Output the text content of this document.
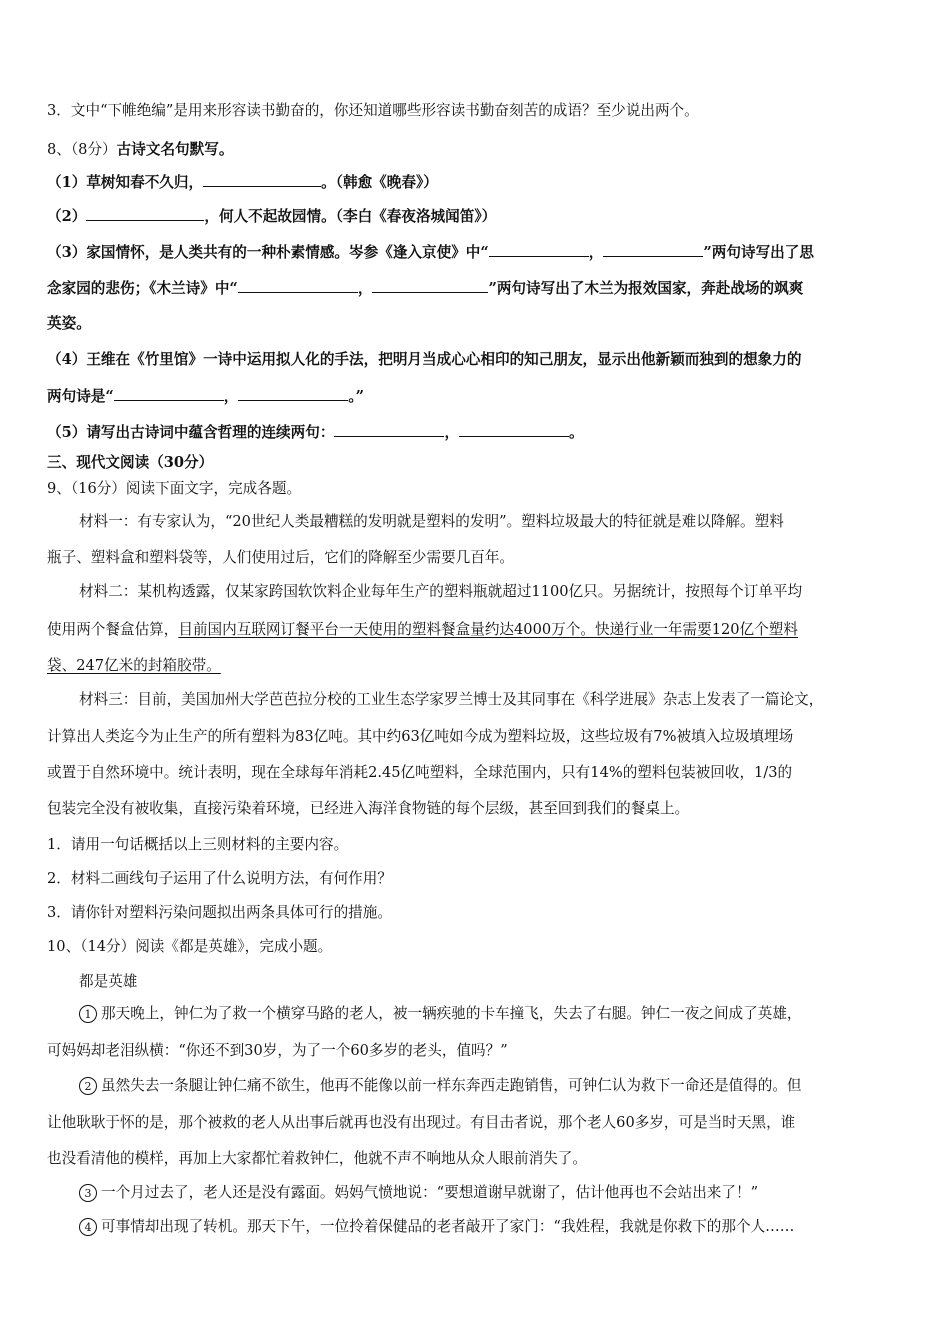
3．文中“下帷绝编”是用来形容读书勤奋的，你还知道哪些形容读书勤奋刻苦的成语？至少说出两个。
8、（8分）古诗文名句默写。
（1）草树知春不久归，	。（韩愈《晚春》）
（2）	，何人不起故园情。（李白《春夜洛城闻笛》）
（3）家国情怀，是人类共有的一种朴素情感。岑参《逢入京使》中“	，	”两句诗写出了思
念家园的悲伤；《木兰诗》中“	，	”两句诗写出了木兰为报效国家，奔赴战场的飒爽
英姿。
（4）王维在《竹里馆》一诗中运用拟人化的手法，把明月当成心心相印的知己朋友，显示出他新颖而独到的想象力的
两句诗是“	，	。”
（5）请写出古诗词中蕴含哲理的连续两句：	，	。
三、现代文阅读（30分）
9、（16分）阅读下面文字，完成各题。
材料一：有专家认为，“20世纪人类最糟糕的发明就是塑料的发明”。塑料垃圾最大的特征就是难以降解。塑料
瓶子、塑料盒和塑料袋等，人们使用过后，它们的降解至少需要几百年。
材料二：某机构透露，仅某家跨国软饮料企业每年生产的塑料瓶就超过1100亿只。另据统计，按照每个订单平均
使用两个餐盒估算，目前国内互联网订餐平台一天使用的塑料餐盒量约达4000万个。快递行业一年需要120亿个塑料
袋、247亿米的封箱胶带。
材料三：目前，美国加州大学芭芭拉分校的工业生态学家罗兰博士及其同事在《科学进展》杂志上发表了一篇论文，
计算出人类迄今为止生产的所有塑料为83亿吨。其中约63亿吨如今成为塑料垃圾，这些垃圾有7%被填入垃圾填埋场
或置于自然环境中。统计表明，现在全球每年消耗2.45亿吨塑料，全球范围内，只有14%的塑料包装被回收，1/3的
包装完全没有被收集，直接污染着环境，已经进入海洋食物链的每个层级，甚至回到我们的餐桌上。
1．请用一句话概括以上三则材料的主要内容。
2．材料二画线句子运用了什么说明方法，有何作用？
3．请你针对塑料污染问题拟出两条具体可行的措施。
10、（14分）阅读《都是英雄》，完成小题。
都是英雄
1 那天晚上，钟仁为了救一个横穿马路的老人，被一辆疾驰的卡车撞飞，失去了右腿。钟仁一夜之间成了英雄，
可妈妈却老泪纵横：“你还不到30岁，为了一个60多岁的老头，值吗？”
2 虽然失去一条腿让钟仁痛不欲生，他再不能像以前一样东奔西走跑销售，可钟仁认为救下一命还是值得的。但
让他耿耿于怀的是，那个被救的老人从出事后就再也没有出现过。有目击者说，那个老人60多岁，可是当时天黑，谁
也没看清他的模样，再加上大家都忙着救钟仁，他就不声不响地从众人眼前消失了。
3 一个月过去了，老人还是没有露面。妈妈气愤地说：“要想道谢早就谢了，估计他再也不会站出来了！”
4 可事情却出现了转机。那天下午，一位拎着保健品的老者敲开了家门：“我姓程，我就是你救下的那个人……
